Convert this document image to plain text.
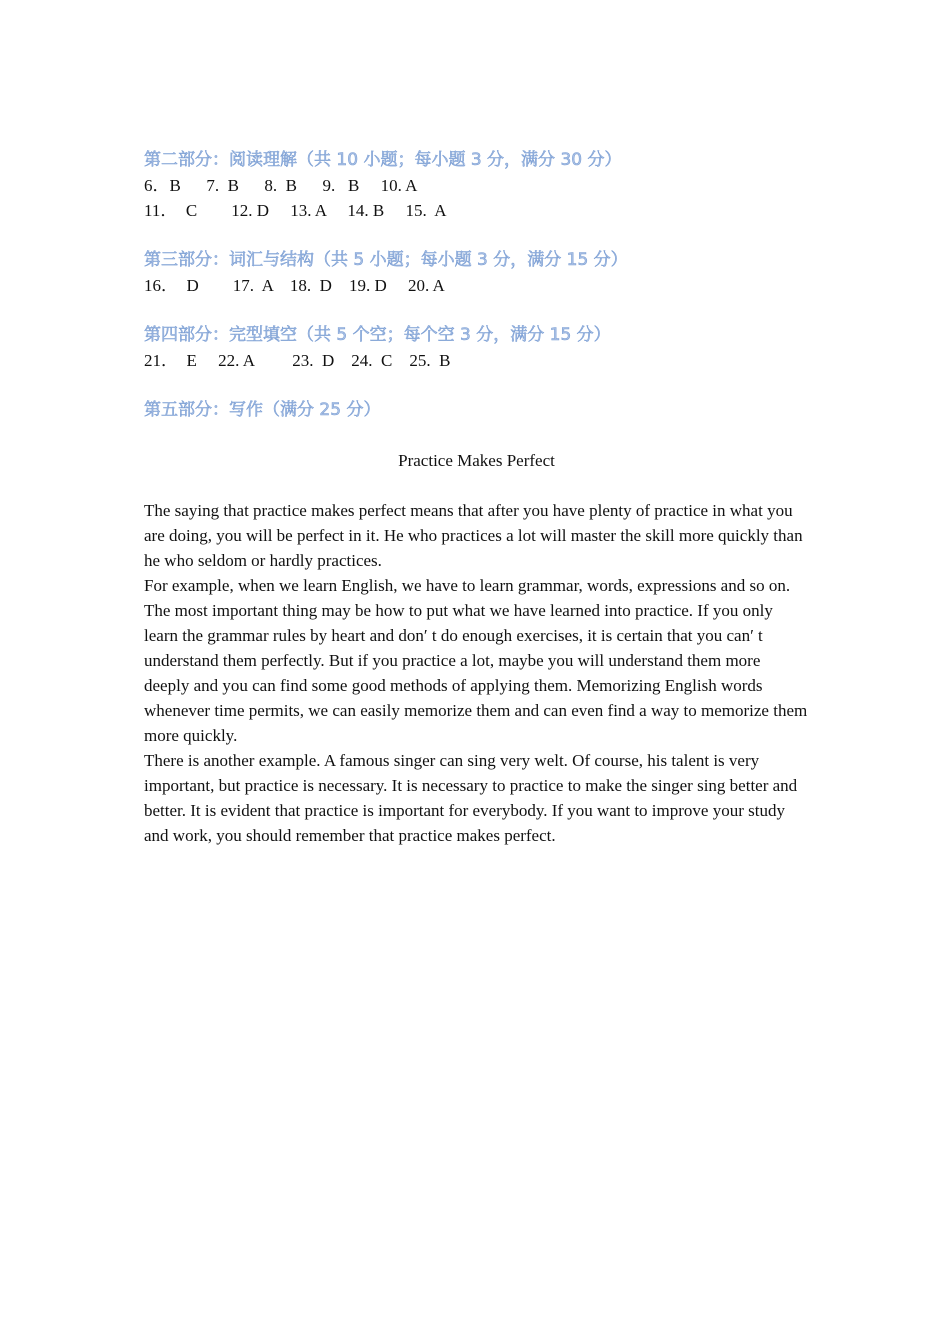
第二部分：阅读理解（共 10 小题；每小题 3 分，满分 30 分）
6．B      7.  B      8.  B      9.   B     10. A
11．  C        12. D     13. A     14. B     15.  A
第三部分：词汇与结构（共 5 小题；每小题 3 分，满分 15 分）
16．  D        17.  A    18.  D    19. D     20. A
第四部分：完型填空（共 5 个空；每个空 3 分，满分 15 分）
21．  E     22. A         23.  D    24.  C    25.  B
第五部分：写作（满分 25 分）
Practice Makes Perfect

The saying that practice makes perfect means that after you have plenty of practice in what you are doing, you will be perfect in it. He who practices a lot will master the skill more quickly than he who seldom or hardly practices.

For example, when we learn English, we have to learn grammar, words, expressions and so on. The most important thing may be how to put what we have learned into practice. If you only learn the grammar rules by heart and don′ t do enough exercises, it is certain that you can′ t understand them perfectly. But if you practice a lot, maybe you will understand them more deeply and you can find some good methods of applying them. Memorizing English words whenever time permits, we can easily memorize them and can even find a way to memorize them more quickly.

There is another example. A famous singer can sing very welt. Of course, his talent is very important, but practice is necessary. It is necessary to practice to make the singer sing better and better. It is evident that practice is important for everybody. If you want to improve your study and work, you should remember that practice makes perfect.
